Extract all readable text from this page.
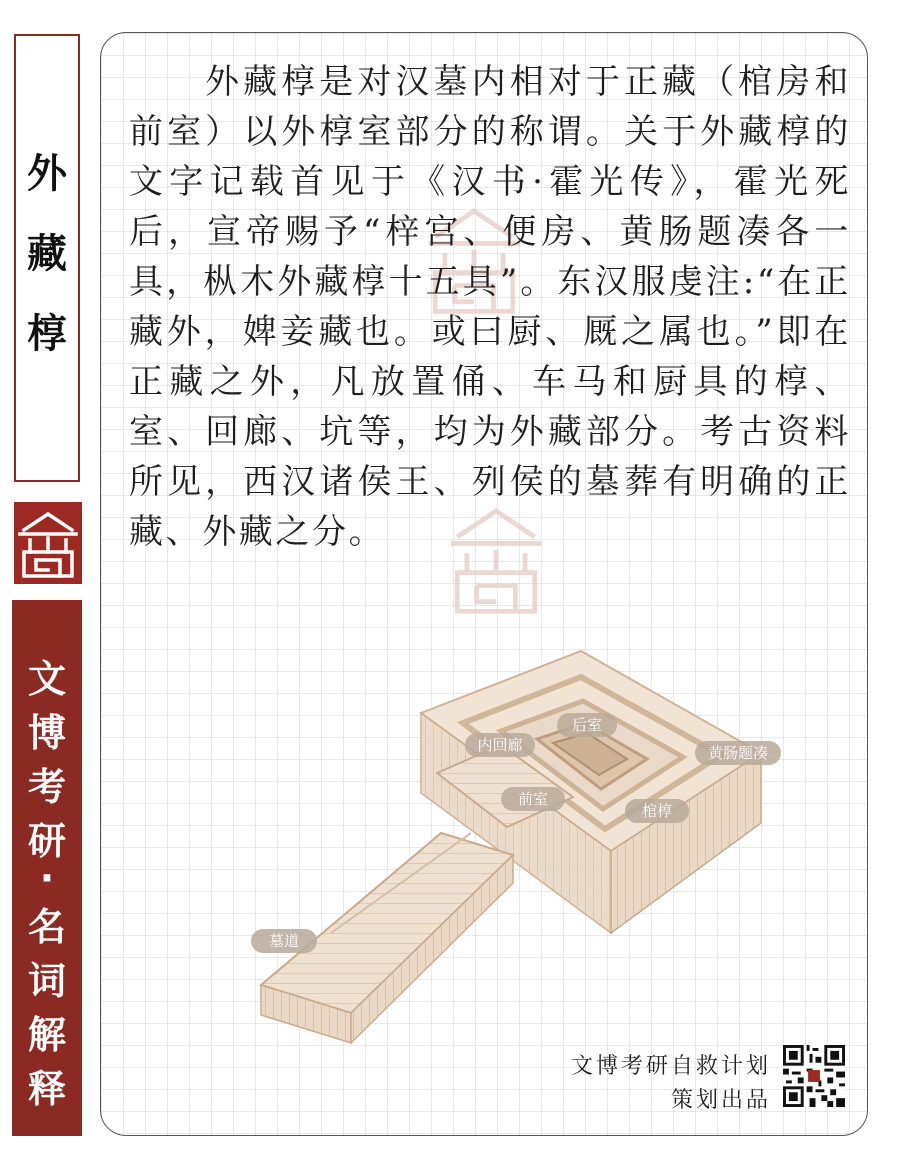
外
藏
椁
文
博
考
研
·
名
词
解
释

外藏椁是对汉墓内相对于正藏（棺房和前室）以外椁室部分的称谓。关于外藏椁的文字记载首见于《汉书·霍光传》，霍光死后，宣帝赐予“梓宫、便房、黄肠题凑各一具，枞木外藏椁十五具”。东汉服虔注:“在正藏外，婢妾藏也。或曰厨、厩之属也。”即在正藏之外，凡放置俑、车马和厨具的椁、室、回廊、坑等，均为外藏部分。考古资料所见，西汉诸侯王、列侯的墓葬有明确的正藏、外藏之分。

后室
内回廊	黄肠题凑
前室
棺椁
墓道
文博考研自救计划
策划出品
